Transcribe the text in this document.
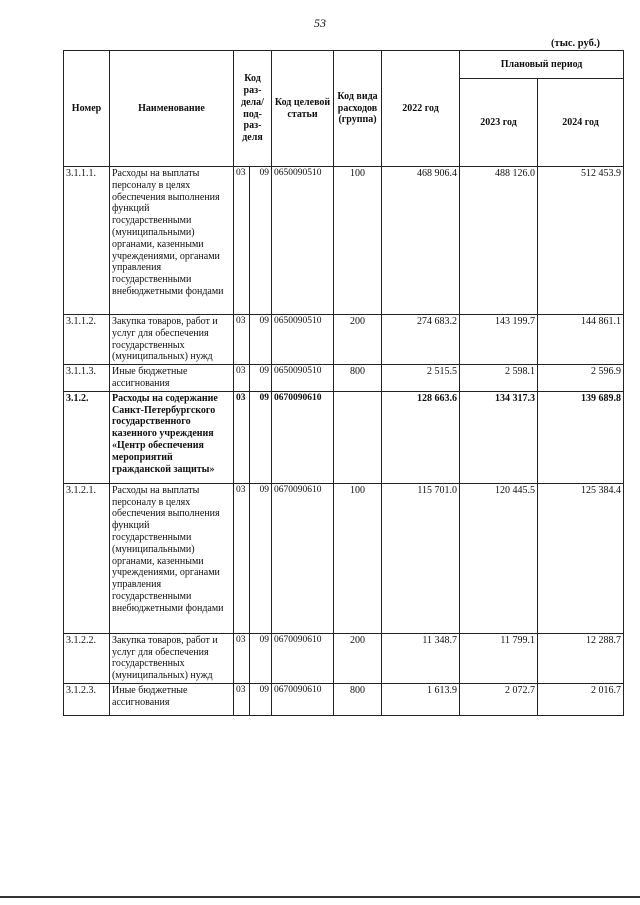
53
(тыс. руб.)
Номер	Наименование	Код раз-дела/ под-раз-деля		Код целевой статьи	Код вида расходов (группа)	2022 год	Плановый период	
							2023 год	2024 год
3.1.1.1.	Расходы на выплаты персоналу в целях обеспечения выполнения функций государственными (муниципальными) органами, казенными учреждениями, органами управления государственными внебюджетными фондами	03	09	0650090510	100	468 906.4	488 126.0	512 453.9
3.1.1.2.	Закупка товаров, работ и услуг для обеспечения государственных (муниципальных) нужд	03	09	0650090510	200	274 683.2	143 199.7	144 861.1
3.1.1.3.	Иные бюджетные ассигнования	03	09	0650090510	800	2 515.5	2 598.1	2 596.9
3.1.2.	Расходы на содержание Санкт-Петербургского государственного казенного учреждения «Центр обеспечения мероприятий гражданской защиты»	03	09	0670090610		128 663.6	134 317.3	139 689.8
3.1.2.1.	Расходы на выплаты персоналу в целях обеспечения выполнения функций государственными (муниципальными) органами, казенными учреждениями, органами управления государственными внебюджетными фондами	03	09	0670090610	100	115 701.0	120 445.5	125 384.4
3.1.2.2.	Закупка товаров, работ и услуг для обеспечения государственных (муниципальных) нужд	03	09	0670090610	200	11 348.7	11 799.1	12 288.7
3.1.2.3.	Иные бюджетные ассигнования	03	09	0670090610	800	1 613.9	2 072.7	2 016.7
